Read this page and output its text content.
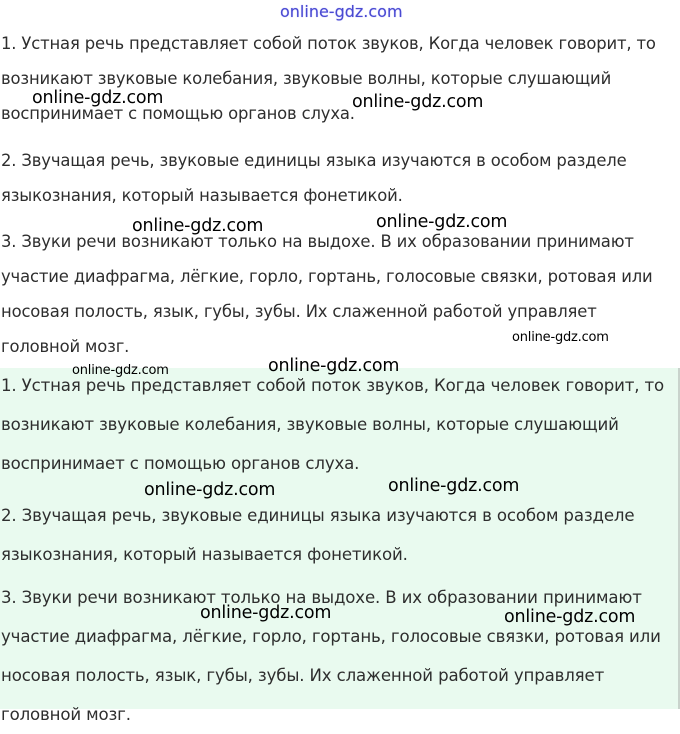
1. Устная речь представляет собой поток звуков, Когда человек говорит, то возникают звуковые колебания, звуковые волны, которые слушающий воспринимает с помощью органов слуха.

2. Звучащая речь, звуковые единицы языка изучаются в особом разделе языкознания, который называется фонетикой.

3. Звуки речи возникают только на выдохе. В их образовании принимают участие диафрагма, лёгкие, горло, гортань, голосовые связки, ротовая или носовая полость, язык, губы, зубы. Их слаженной работой управляет головной мозг.

1. Устная речь представляет собой поток звуков, Когда человек говорит, то возникают звуковые колебания, звуковые волны, которые слушающий воспринимает с помощью органов слуха.

2. Звучащая речь, звуковые единицы языка изучаются в особом разделе языкознания, который называется фонетикой.

3. Звуки речи возникают только на выдохе. В их образовании принимают участие диафрагма, лёгкие, горло, гортань, голосовые связки, ротовая или носовая полость, язык, губы, зубы. Их слаженной работой управляет головной мозг.

online-gdz.com
online-gdz.com	online-gdz.com
online-gdz.com	online-gdz.com
online-gdz.com
online-gdz.com	online-gdz.com
online-gdz.com	online-gdz.com
online-gdz.com	online-gdz.com
